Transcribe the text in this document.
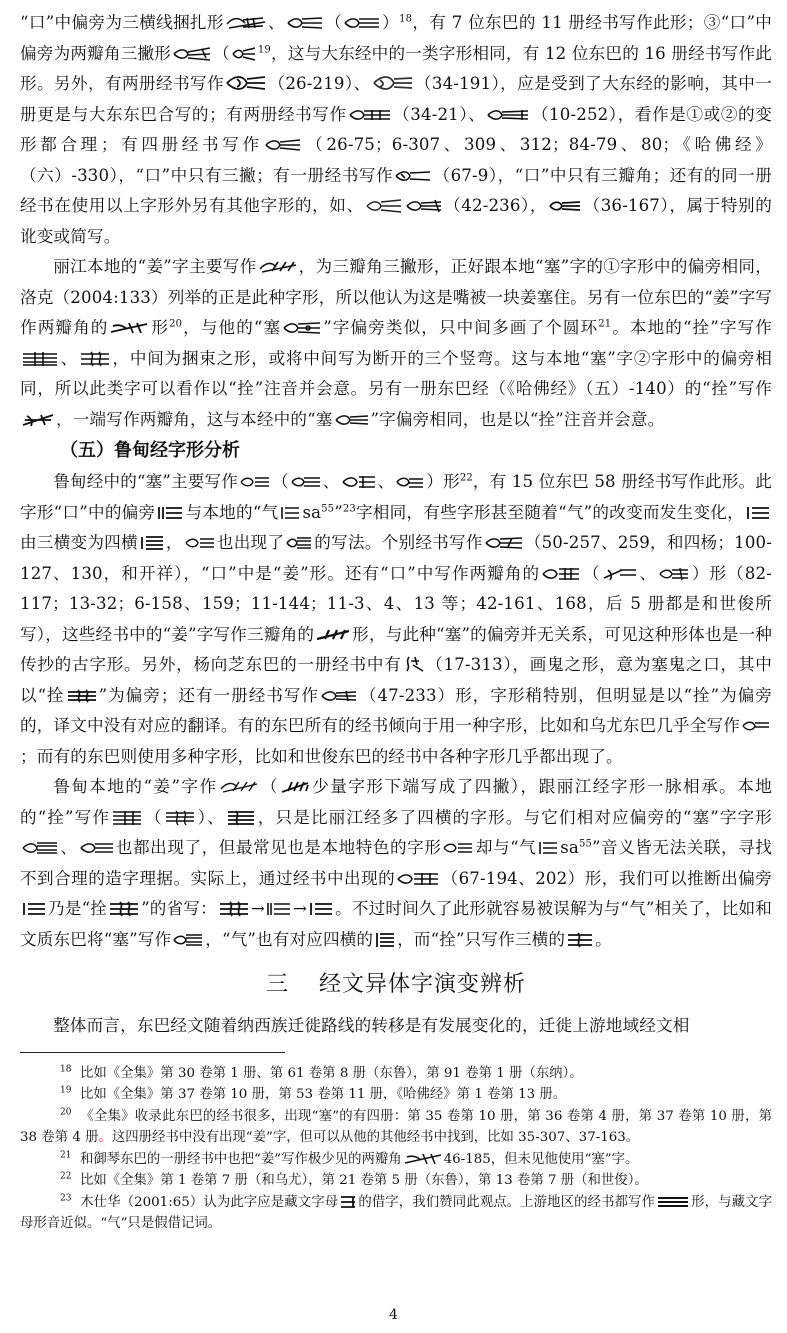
“口”中偏旁为三横线捆扎形	、 （ ）$^{18}$，有 7 位东巴的 11 册经书写作此形；③“口”中偏旁为两瓣角三撇形	（	$^{19}$，这与大东经中的一类字形相同，有 12 位东巴的 16 册经书写作此形。另外，有两册经书写作	（26-219）、	（34-191），应是受到了大东经的影响，其中一册更是与大东东巴合写的；有两册经书写作	（34-21）、	（10-252），看作是①或②的变形都合理；有四册经书写作 （26-75；6-307、309、312；84-79、80；《哈佛经》（六）-330），“口”中只有三撇；有一册经书写作 （67-9），“口”中只有三瓣角；还有的同一册经书在使用以上字形外另有其他字形的，如、	（42-236）， （36-167），属于特别的讹变或简写。

丽江本地的“姜”字主要写作	，为三瓣角三撇形，正好跟本地“塞”字的①字形中的偏旁相同，洛克（2004:133）列举的正是此种字形，所以他认为这是嘴被一块姜塞住。另有一位东巴的“姜”字写作两瓣角的	形$^{20}$，与他的“塞	”字偏旁类似，只中间多画了个圆环$^{21}$。本地的“拴”字写作
、 ，中间为捆束之形，或将中间写为断开的三个竖弯。这与本地“塞”字②字形中的偏旁相同，所以此类字可以看作以“拴”注音并会意。另有一册东巴经（《哈佛经》（五）-140）的“拴”写作
，一端写作两瓣角，这与本经中的“塞 ”字偏旁相同，也是以“拴”注音并会意。

（五）鲁甸经字形分析

鲁甸经中的“塞”主要写作 （ 、 、 ）形$^{22}$，有 15 位东巴 58 册经书写作此形。此字形“口”中的偏旁 与本地的“气 $sa^{55}”^{23}$字相同，有些字形甚至随着“气”的改变而发生变化，
由三横变为四横 ， 也出现了 的写法。个别经书写作	（50-257、259，和四杨；100-127、130，和开祥），“口”中是“姜”形。还有“口”中写作两瓣角的	（ 、 ）形（82-117；13-32；6-158、159；11-144；11-3、4、13 等；42-161、168，后 5 册都是和世俊所写），这些经书中的“姜”字写作三瓣角的 形，与此种“塞”的偏旁并无关系，可见这种形体也是一种传抄的古字形。另外，杨向芝东巴的一册经书中有 （17-313），画鬼之形，意为塞鬼之口，其中以“拴 ”为偏旁；还有一册经书写作 （47-233）形，字形稍特别，但明显是以“拴”为偏旁的，译文中没有对应的翻译。有的东巴所有的经书倾向于用一种字形，比如和乌尤东巴几乎全写作
；而有的东巴则使用多种字形，比如和世俊东巴的经书中各种字形几乎都出现了。

鲁甸本地的“姜”字作	（ 少量字形下端写成了四撇），跟丽江经字形一脉相承。本地的“拴”写作 （ ）、 ，只是比丽江经多了四横的字形。与它们相对应偏旁的“塞”字字形
、 也都出现了，但最常见也是本地特色的字形 却与“气 $sa^{55}$”音义皆无法关联，寻找不到合理的造字理据。实际上，通过经书中出现的	（67-194、202）形，我们可以推断出偏旁
乃是“拴 ”的省写： → → 。不过时间久了此形就容易被误解为与“气”相关了，比如和文质东巴将“塞”写作 ，“气”也有对应四横的 ，而“拴”只写作三横的 。

三 经文异体字演变辨析

整体而言，东巴经文随着纳西族迁徙路线的转移是有发展变化的，迁徙上游地域经文相

$^{18}$ 比如《全集》第 30 卷第 1 册、第 61 卷第 8 册（东鲁），第 91 卷第 1 册（东纳）。

$^{19}$ 比如《全集》第 37 卷第 10 册，第 53 卷第 11 册，《哈佛经》第 1 卷第 13 册。

$^{20}$ 《全集》收录此东巴的经书很多，出现“塞”的有四册：第 35 卷第 10 册，第 36 卷第 4 册，第 37 卷第 10 册，第 38 卷第 4 册。这四册经书中没有出现“姜”字，但可以从他的其他经书中找到，比如 35-307、37-163。

$^{21}$ 和御琴东巴的一册经书中也把“姜”写作极少见的两瓣角	46-185，但未见他使用“塞”字。

$^{22}$ 比如《全集》第 1 卷第 7 册（和乌尤），第 21 卷第 5 册（东鲁），第 13 卷第 7 册（和世俊）。

$^{23}$ 木仕华（2001:65）认为此字应是藏文字母 的借字，我们赞同此观点。上游地区的经书都写作	形，与藏文字母形音近似。“气”只是假借记词。

4
